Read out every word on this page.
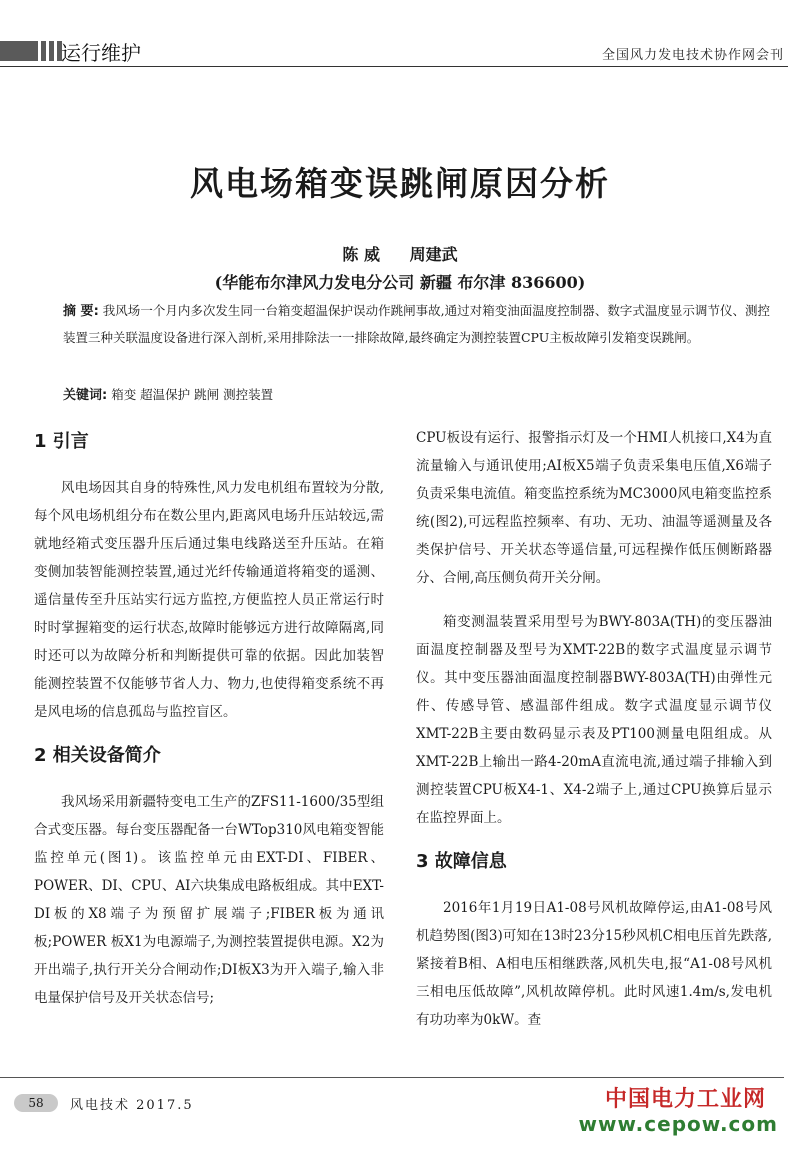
运行维护	全国风力发电技术协作网会刊
风电场箱变误跳闸原因分析
陈 威 周建武
(华能布尔津风力发电分公司 新疆 布尔津 836600)
摘 要: 我风场一个月内多次发生同一台箱变超温保护误动作跳闸事故,通过对箱变油面温度控制器、数字式温度显示调节仪、测控装置三种关联温度设备进行深入剖析,采用排除法一一排除故障,最终确定为测控装置CPU主板故障引发箱变误跳闸。
关键词: 箱变 超温保护 跳闸 测控装置
1 引言

风电场因其自身的特殊性,风力发电机组布置较为分散,每个风电场机组分布在数公里内,距离风电场升压站较远,需就地经箱式变压器升压后通过集电线路送至升压站。在箱变侧加装智能测控装置,通过光纤传输通道将箱变的遥测、遥信量传至升压站实行远方监控,方便监控人员正常运行时时时掌握箱变的运行状态,故障时能够远方进行故障隔离,同时还可以为故障分析和判断提供可靠的依据。因此加装智能测控装置不仅能够节省人力、物力,也使得箱变系统不再是风电场的信息孤岛与监控盲区。

2 相关设备简介

我风场采用新疆特变电工生产的ZFS11-1600/35型组合式变压器。每台变压器配备一台WTop310风电箱变智能监控单元(图1)。该监控单元由EXT-DI、FIBER、POWER、DI、CPU、AI六块集成电路板组成。其中EXT-DI板的X8端子为预留扩展端子;FIBER板为通讯板;POWER 板X1为电源端子,为测控装置提供电源。X2为开出端子,执行开关分合闸动作;DI板X3为开入端子,输入非电量保护信号及开关状态信号;

CPU板设有运行、报警指示灯及一个HMI人机接口,X4为直流量输入与通讯使用;AI板X5端子负责采集电压值,X6端子负责采集电流值。箱变监控系统为MC3000风电箱变监控系统(图2),可远程监控频率、有功、无功、油温等遥测量及各类保护信号、开关状态等遥信量,可远程操作低压侧断路器分、合闸,高压侧负荷开关分闸。

箱变测温装置采用型号为BWY-803A(TH)的变压器油面温度控制器及型号为XMT-22B的数字式温度显示调节仪。其中变压器油面温度控制器BWY-803A(TH)由弹性元件、传感导管、感温部件组成。数字式温度显示调节仪XMT-22B主要由数码显示表及PT100测量电阻组成。从XMT-22B上输出一路4-20mA直流电流,通过端子排输入到测控装置CPU板X4-1、X4-2端子上,通过CPU换算后显示在监控界面上。

3 故障信息

2016年1月19日A1-08号风机故障停运,由A1-08号风机趋势图(图3)可知在13时23分15秒风机C相电压首先跌落,紧接着B相、A相电压相继跌落,风机失电,报“A1-08号风机三相电压低故障”,风机故障停机。此时风速1.4m/s,发电机有功功率为0kW。查

58	风电技术 2017.5	中国电力工业网
www.cepow.com
